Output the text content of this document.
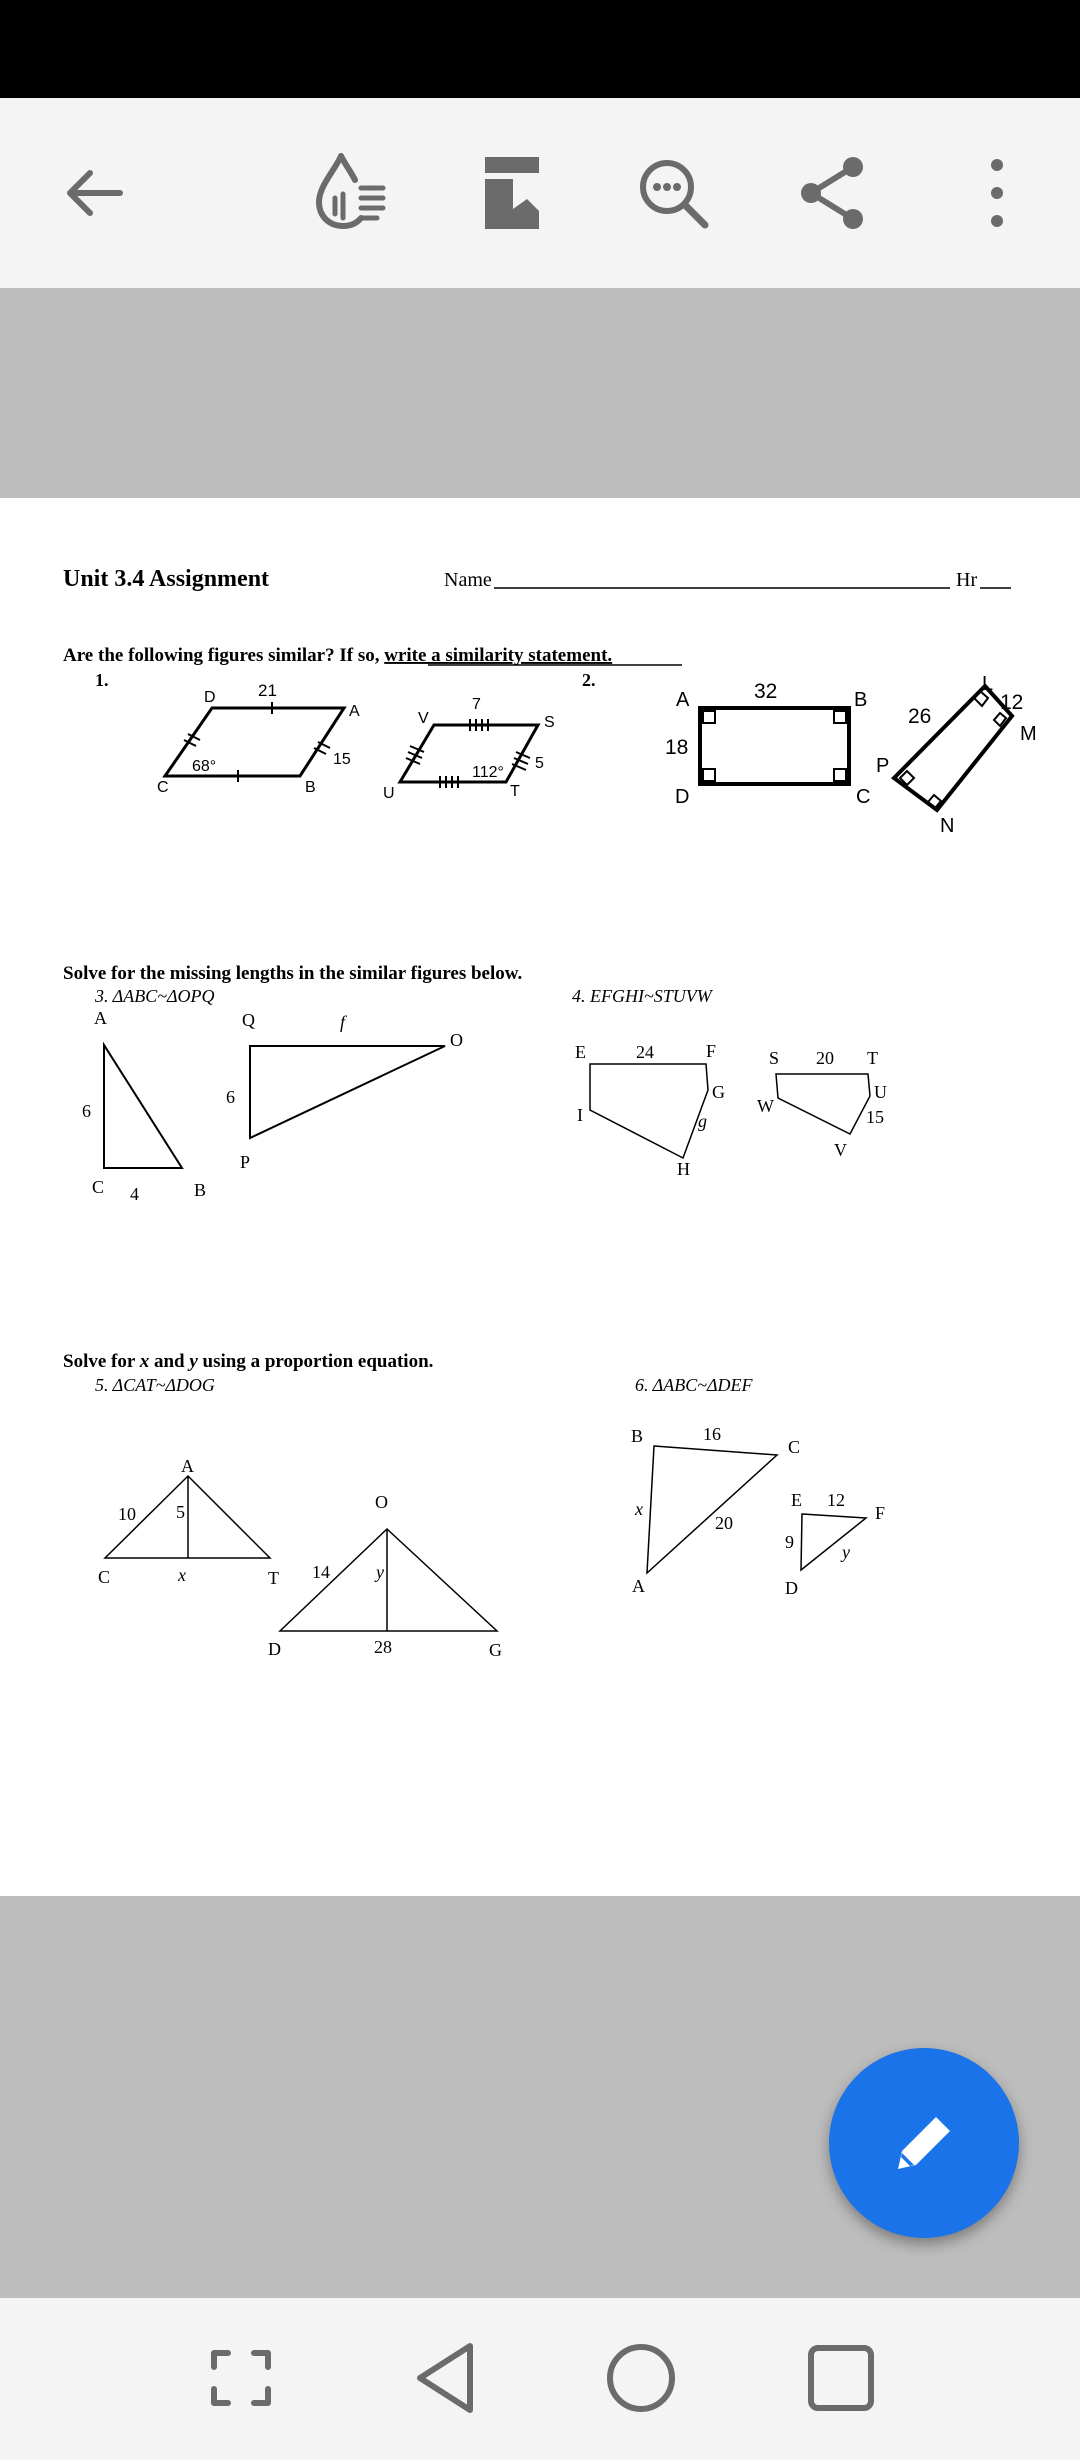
Unit 3.4 Assignment	Name	Hr
Are the following figures similar? If so, write a similarity statement.
1.	2.
D 21
A
15
68°
B
C
V
7
S
5
112°
T
U
A	32	B
18
D	C
L
26
12
M
P
N
Solve for the missing lengths in the similar figures below.
3. ΔABC~ΔOPQ	4. EFGHI~STUVW
A
6
C 4	B
Q	f
O
6
P
E	24	F
G
g
I
H
S 20 T
U
15
W
V
Solve for x and y using a proportion equation.
5. ΔCAT~ΔDOG	6. ΔABC~ΔDEF
A
10 5
C	x	T
O
14	y
D	28	G
B	16
C
x
20
A
E 12
F
9	y
D
